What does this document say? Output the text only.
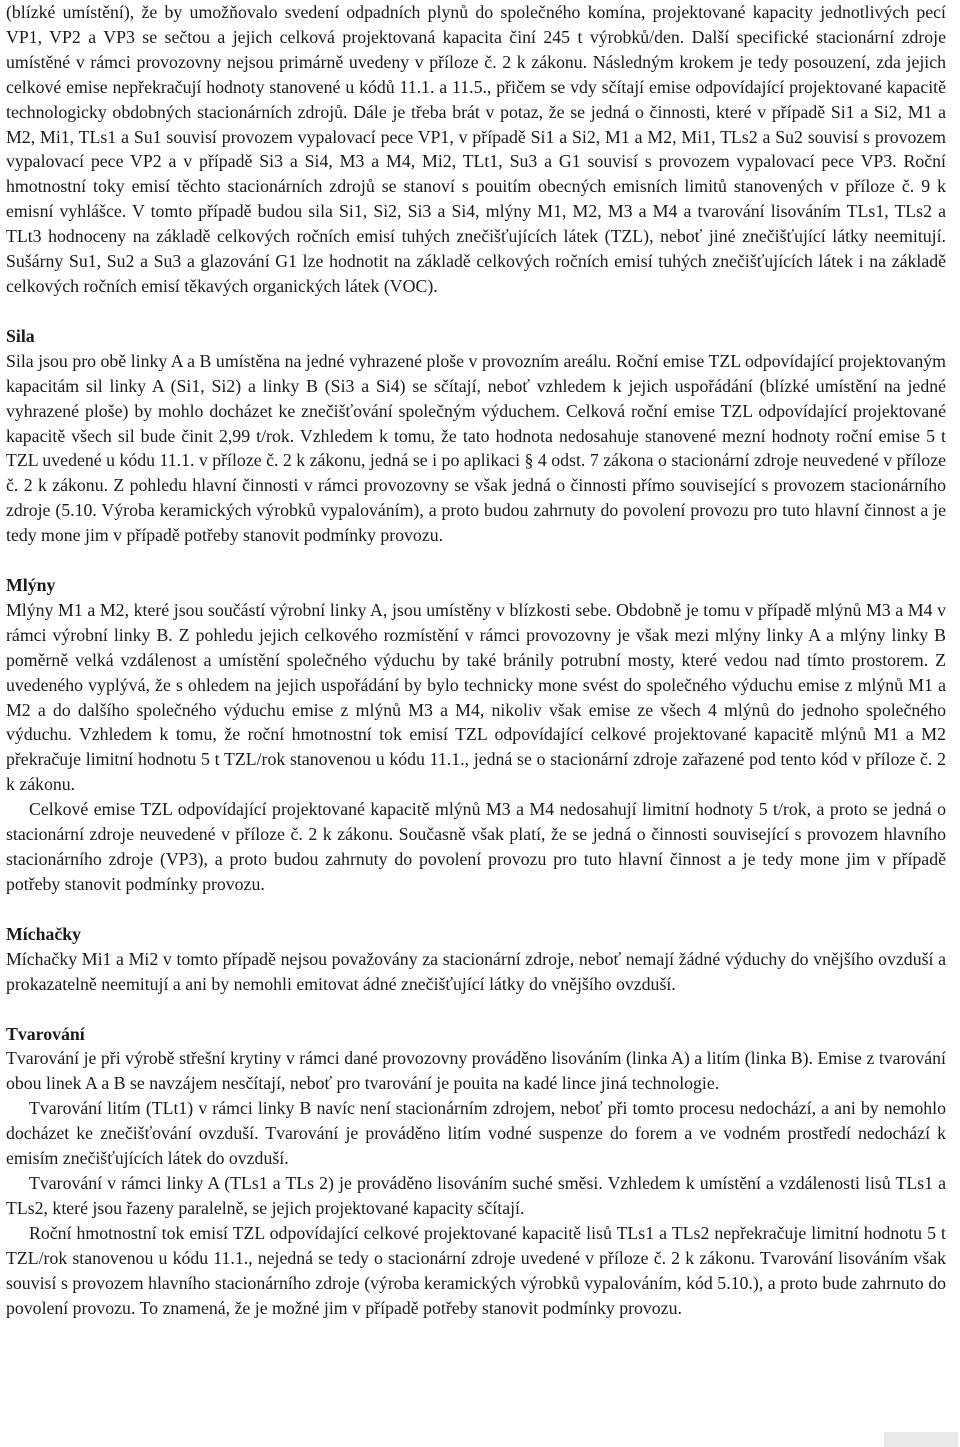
(blízké umístění), že by umožňovalo svedení odpadních plynů do společného komína, projektované kapacity jednotlivých pecí VP1, VP2 a VP3 se sečtou a jejich celková projektovaná kapacita činí 245 t výrobků/den. Další specifické stacionární zdroje umístěné v rámci provozovny nejsou primárně uvedeny v příloze č. 2 k zákonu. Následným krokem je tedy posouzení, zda jejich celkové emise nepřekračují hodnoty stanovené u kódů 11.1. a 11.5., přičem se vdy sčítají emise odpovídající projektované kapacitě technologicky obdobných stacionárních zdrojů. Dále je třeba brát v potaz, že se jedná o činnosti, které v případě Si1 a Si2, M1 a M2, Mi1, TLs1 a Su1 souvisí provozem vypalovací pece VP1, v případě Si1 a Si2, M1 a M2, Mi1, TLs2 a Su2 souvisí s provozem vypalovací pece VP2 a v případě Si3 a Si4, M3 a M4, Mi2, TLt1, Su3 a G1 souvisí s provozem vypalovací pece VP3. Roční hmotnostní toky emisí těchto stacionárních zdrojů se stanoví s pouitím obecných emisních limitů stanovených v příloze č. 9 k emisní vyhlášce. V tomto případě budou sila Si1, Si2, Si3 a Si4, mlýny M1, M2, M3 a M4 a tvarování lisováním TLs1, TLs2 a TLt3 hodnoceny na základě celkových ročních emisí tuhých znečišťujících látek (TZL), neboť jiné znečišťující látky neemitují. Sušárny Su1, Su2 a Su3 a glazování G1 lze hodnotit na základě celkových ročních emisí tuhých znečišťujících látek i na základě celkových ročních emisí těkavých organických látek (VOC).

Sila

Sila jsou pro obě linky A a B umístěna na jedné vyhrazené ploše v provozním areálu. Roční emise TZL odpovídající projektovaným kapacitám sil linky A (Si1, Si2) a linky B (Si3 a Si4) se sčítají, neboť vzhledem k jejich uspořádání (blízké umístění na jedné vyhrazené ploše) by mohlo docházet ke znečišťování společným výduchem. Celková roční emise TZL odpovídající projektované kapacitě všech sil bude činit 2,99 t/rok. Vzhledem k tomu, že tato hodnota nedosahuje stanovené mezní hodnoty roční emise 5 t TZL uvedené u kódu 11.1. v příloze č. 2 k zákonu, jedná se i po aplikaci § 4 odst. 7 zákona o stacionární zdroje neuvedené v příloze č. 2 k zákonu. Z pohledu hlavní činnosti v rámci provozovny se však jedná o činnosti přímo související s provozem stacionárního zdroje (5.10. Výroba keramických výrobků vypalováním), a proto budou zahrnuty do povolení provozu pro tuto hlavní činnost a je tedy mone jim v případě potřeby stanovit podmínky provozu.

Mlýny

Mlýny M1 a M2, které jsou součástí výrobní linky A, jsou umístěny v blízkosti sebe. Obdobně je tomu v případě mlýnů M3 a M4 v rámci výrobní linky B. Z pohledu jejich celkového rozmístění v rámci provozovny je však mezi mlýny linky A a mlýny linky B poměrně velká vzdálenost a umístění společného výduchu by také bránily potrubní mosty, které vedou nad tímto prostorem. Z uvedeného vyplývá, že s ohledem na jejich uspořádání by bylo technicky mone svést do společného výduchu emise z mlýnů M1 a M2 a do dalšího společného výduchu emise z mlýnů M3 a M4, nikoliv však emise ze všech 4 mlýnů do jednoho společného výduchu. Vzhledem k tomu, že roční hmotnostní tok emisí TZL odpovídající celkové projektované kapacitě mlýnů M1 a M2 překračuje limitní hodnotu 5 t TZL/rok stanovenou u kódu 11.1., jedná se o stacionární zdroje zařazené pod tento kód v příloze č. 2 k zákonu.

Celkové emise TZL odpovídající projektované kapacitě mlýnů M3 a M4 nedosahují limitní hodnoty 5 t/rok, a proto se jedná o stacionární zdroje neuvedené v příloze č. 2 k zákonu. Současně však platí, že se jedná o činnosti související s provozem hlavního stacionárního zdroje (VP3), a proto budou zahrnuty do povolení provozu pro tuto hlavní činnost a je tedy mone jim v případě potřeby stanovit podmínky provozu.

Míchačky

Míchačky Mi1 a Mi2 v tomto případě nejsou považovány za stacionární zdroje, neboť nemají žádné výduchy do vnějšího ovzduší a prokazatelně neemitují a ani by nemohli emitovat ádné znečišťující látky do vnějšího ovzduší.

Tvarování

Tvarování je při výrobě střešní krytiny v rámci dané provozovny prováděno lisováním (linka A) a litím (linka B). Emise z tvarování obou linek A a B se navzájem nesčítají, neboť pro tvarování je pouita na kadé lince jiná technologie.

Tvarování litím (TLt1) v rámci linky B navíc není stacionárním zdrojem, neboť při tomto procesu nedochází, a ani by nemohlo docházet ke znečišťování ovzduší. Tvarování je prováděno litím vodné suspenze do forem a ve vodném prostředí nedochází k emisím znečišťujících látek do ovzduší.

Tvarování v rámci linky A (TLs1 a TLs 2) je prováděno lisováním suché směsi. Vzhledem k umístění a vzdálenosti lisů TLs1 a TLs2, které jsou řazeny paralelně, se jejich projektované kapacity sčítají.

Roční hmotnostní tok emisí TZL odpovídající celkové projektované kapacitě lisů TLs1 a TLs2 nepřekračuje limitní hodnotu 5 t TZL/rok stanovenou u kódu 11.1., nejedná se tedy o stacionární zdroje uvedené v příloze č. 2 k zákonu. Tvarování lisováním však souvisí s provozem hlavního stacionárního zdroje (výroba keramických výrobků vypalováním, kód 5.10.), a proto bude zahrnuto do povolení provozu. To znamená, že je možné jim v případě potřeby stanovit podmínky provozu.
